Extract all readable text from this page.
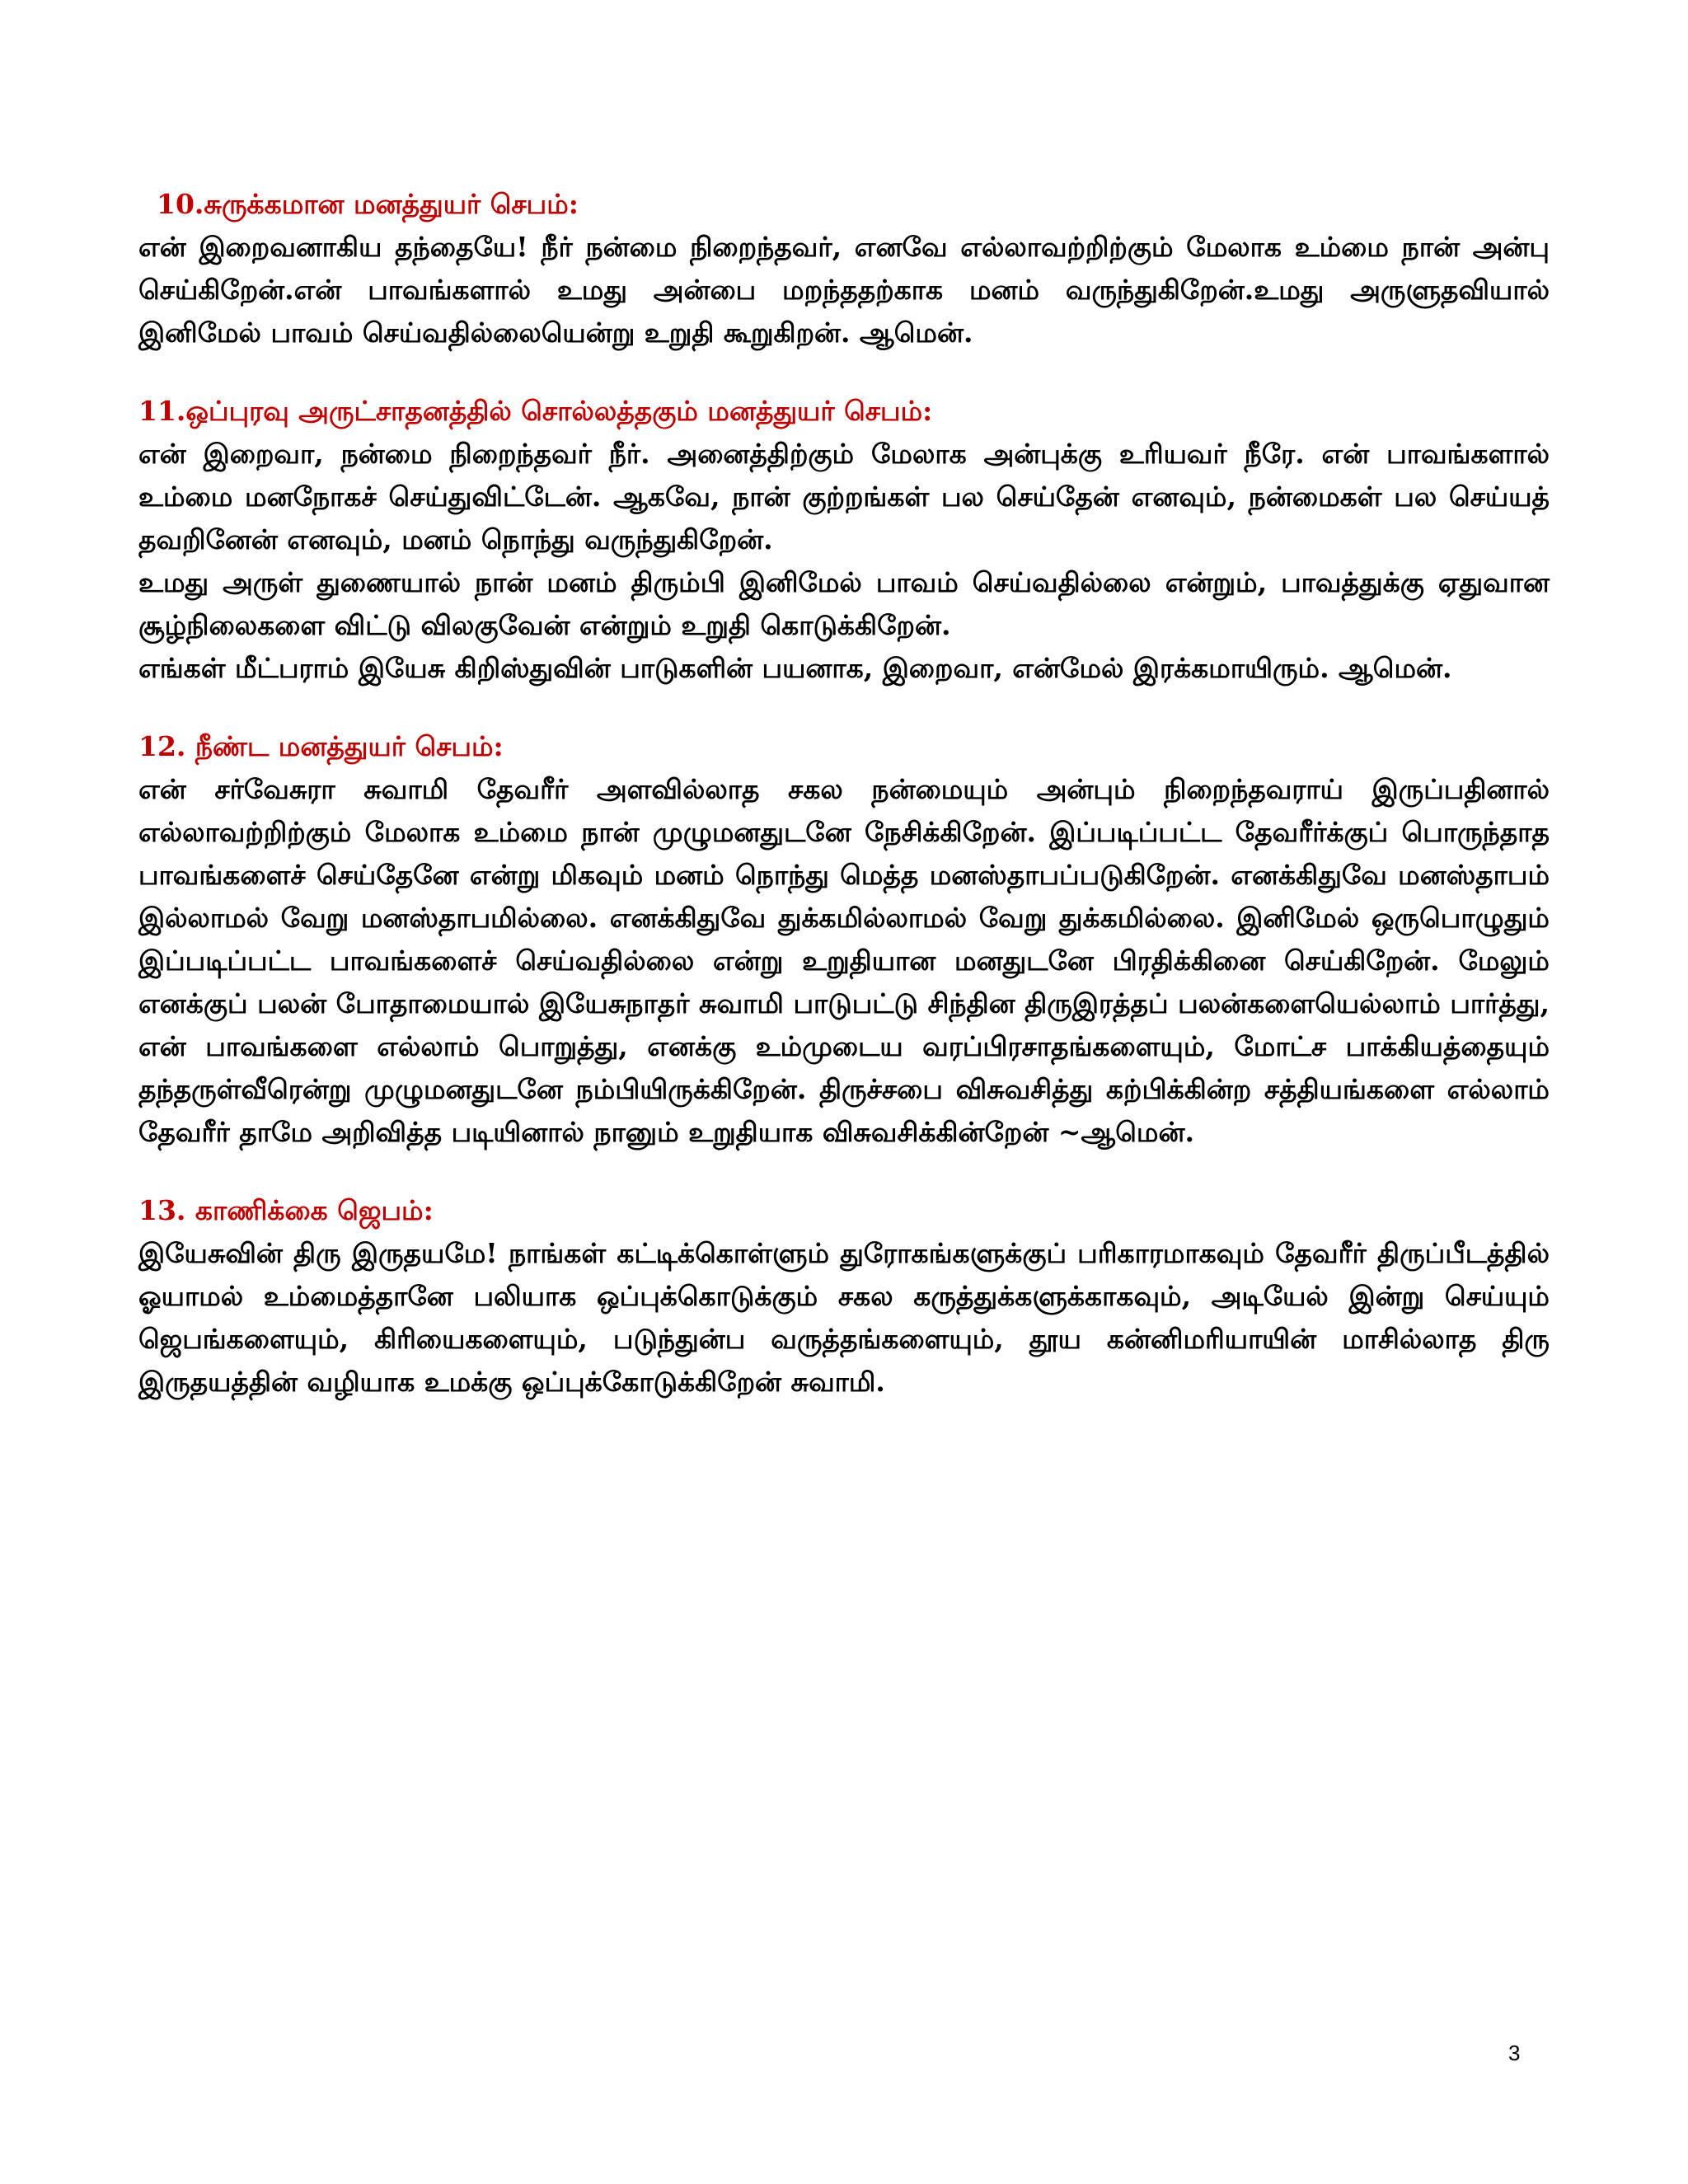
10.சுருக்கமான மனத்துயர் செபம்:

என் இறைவனாகிய தந்தையே! நீர் நன்மை நிறைந்தவர், எனவே எல்லாவற்றிற்கும் மேலாக உம்மை நான் அன்பு செய்கிறேன்.என் பாவங்களால் உமது அன்பை மறந்ததற்காக மனம் வருந்துகிறேன்.உமது அருளுதவியால் இனிமேல் பாவம் செய்வதில்லையென்று உறுதி கூறுகிறன். ஆமென்.

11.ஒப்புரவு அருட்சாதனத்தில் சொல்லத்தகும் மனத்துயர் செபம்:

என் இறைவா, நன்மை நிறைந்தவர் நீர். அனைத்திற்கும் மேலாக அன்புக்கு உரியவர் நீரே. என் பாவங்களால் உம்மை மனநோகச் செய்துவிட்டேன். ஆகவே, நான் குற்றங்கள் பல செய்தேன் எனவும், நன்மைகள் பல செய்யத் தவறினேன் எனவும், மனம் நொந்து வருந்துகிறேன்.

உமது அருள் துணையால் நான் மனம் திரும்பி இனிமேல் பாவம் செய்வதில்லை என்றும், பாவத்துக்கு ஏதுவான சூழ்நிலைகளை விட்டு விலகுவேன் என்றும் உறுதி கொடுக்கிறேன்.

எங்கள் மீட்பராம் இயேசு கிறிஸ்துவின் பாடுகளின் பயனாக, இறைவா, என்மேல் இரக்கமாயிரும். ஆமென்.

12. நீண்ட மனத்துயர் செபம்:

என் சர்வேசுரா சுவாமி தேவரீர் அளவில்லாத சகல நன்மையும் அன்பும் நிறைந்தவராய் இருப்பதினால் எல்லாவற்றிற்கும் மேலாக உம்மை நான் முழுமனதுடனே நேசிக்கிறேன். இப்படிப்பட்ட தேவரீர்க்குப் பொருந்தாத பாவங்களைச் செய்தேனே என்று மிகவும் மனம் நொந்து மெத்த மனஸ்தாபப்படுகிறேன். எனக்கிதுவே மனஸ்தாபம் இல்லாமல் வேறு மனஸ்தாபமில்லை. எனக்கிதுவே துக்கமில்லாமல் வேறு துக்கமில்லை. இனிமேல் ஒருபொழுதும் இப்படிப்பட்ட பாவங்களைச் செய்வதில்லை என்று உறுதியான மனதுடனே பிரதிக்கினை செய்கிறேன். மேலும் எனக்குப் பலன் போதாமையால் இயேசுநாதர் சுவாமி பாடுபட்டு சிந்தின திருஇரத்தப் பலன்களையெல்லாம் பார்த்து, என் பாவங்களை எல்லாம் பொறுத்து, எனக்கு உம்முடைய வரப்பிரசாதங்களையும், மோட்ச பாக்கியத்தையும் தந்தருள்வீரென்று முழுமனதுடனே நம்பியிருக்கிறேன். திருச்சபை விசுவசித்து கற்பிக்கின்ற சத்தியங்களை எல்லாம் தேவரீர் தாமே அறிவித்த படியினால் நானும் உறுதியாக விசுவசிக்கின்றேன் ~ஆமென்.

13. காணிக்கை ஜெபம்:

இயேசுவின் திரு இருதயமே! நாங்கள் கட்டிக்கொள்ளும் துரோகங்களுக்குப் பரிகாரமாகவும் தேவரீர் திருப்பீடத்தில் ஓயாமல் உம்மைத்தானே பலியாக ஒப்புக்கொடுக்கும் சகல கருத்துக்களுக்காகவும், அடியேல் இன்று செய்யும் ஜெபங்களையும், கிரியைகளையும், படுந்துன்ப வருத்தங்களையும், தூய கன்னிமரியாயின் மாசில்லாத திரு இருதயத்தின் வழியாக உமக்கு ஒப்புக்கோடுக்கிறேன் சுவாமி.

3
